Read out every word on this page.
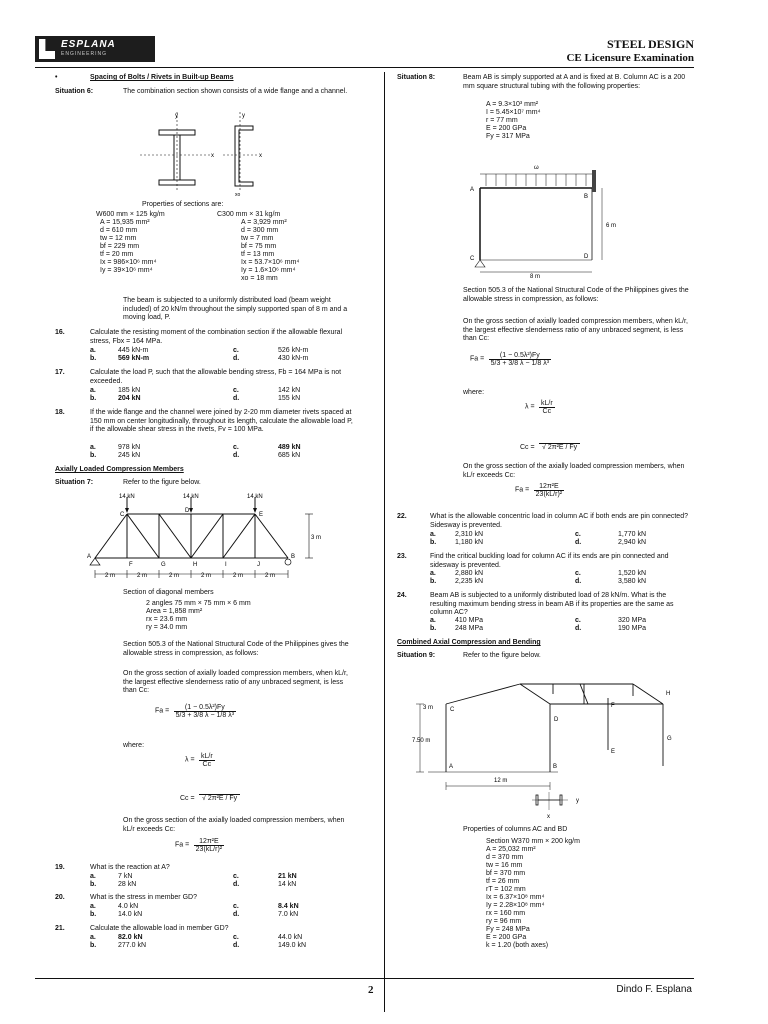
ESPLANA
ENGINEERING
STEEL DESIGN
CE Licensure Examination
•	Spacing of Bolts / Rivets in Built-up Beams
Situation 6:	The combination section shown consists of a wide flange and a channel.
y	y
x	x
xo
Properties of sections are:
W600 mm × 125 kg/m
A = 15,935 mm²
d = 610 mm
tw = 12 mm
bf = 229 mm
tf = 20 mm
Ix = 986×10⁶ mm⁴
Iy = 39×10⁶ mm⁴
C300 mm × 31 kg/m
A = 3,929 mm²
d = 300 mm
tw = 7 mm
bf = 75 mm
tf = 13 mm
Ix = 53.7×10⁶ mm⁴
Iy = 1.6×10⁶ mm⁴
xo = 18 mm
The beam is subjected to a uniformly distributed load (beam weight included) of 20 kN/m throughout the simply supported span of 8 m and a moving load, P.
16.	Calculate the resisting moment of the combination section if the allowable flexural stress, Fbx = 164 MPa.
a.	445 kN-m	c.	526 kN-m
b.	569 kN-m	d.	430 kN-m
17.	Calculate the load P, such that the allowable bending stress, Fb = 164 MPa is not exceeded.
a.	185 kN	c.	142 kN
b.	204 kN	d.	155 kN
18.	If the wide flange and the channel were joined by 2-20 mm diameter rivets spaced at 150 mm on center longitudinally, throughout its length, calculate the allowable load P, if the allowable shear stress in the rivets, Fv = 100 MPa.
a.	978 kN	c.	489 kN
b.	245 kN	d.	685 kN
Axially Loaded Compression Members
Situation 7:	Refer to the figure below.
14 kN	14 kN	14 kN
C
D
E
A
F	G	H	I	J
B
3 m
2 m	2 m	2 m	2 m	2 m	2 m
Section of diagonal members
2 angles 75 mm × 75 mm × 6 mm
Area = 1,858 mm²
rx = 23.6 mm
ry = 34.0 mm
Section 505.3 of the National Structural Code of the Philippines gives the allowable stress in compression, as follows:
On the gross section of axially loaded compression members, when kL/r, the largest effective slenderness ratio of any unbraced segment, is less than Cc:
$Fa = \frac{\text{(1 − 0.5λ²)Fy}}{\text{5/3 + 3/8 λ − 1/8 λ³}}$
where:
$\lambda = \frac{kL/r}{Cc}$
Cc = √ 2π²E / Fy
On the gross section of the axially loaded compression members, when kL/r exceeds Cc:
$Fa = \frac{\text{12π²E}}{\text{23(kL/r)²}}$
19.	What is the reaction at A?
a.	7 kN	c.	21 kN
b.	28 kN	d.	14 kN
20.	What is the stress in member GD?
a.	4.0 kN	c.	8.4 kN
b.	14.0 kN	d.	7.0 kN
21.	Calculate the allowable load in member GD?
a.	82.0 kN	c.	44.0 kN
b.	277.0 kN	d.	149.0 kN
Situation 8:	Beam AB is simply supported at A and is fixed at B. Column AC is a 200 mm square structural tubing with the following properties:
A = 9.3×10³ mm²
I = 5.45×10⁷ mm⁴
r = 77 mm
E = 200 GPa
Fy = 317 MPa
ω
A
B
C	D
6 m
8 m
Section 505.3 of the National Structural Code of the Philippines gives the allowable stress in compression, as follows:
On the gross section of axially loaded compression members, when kL/r, the largest effective slenderness ratio of any unbraced segment, is less than Cc:
$Fa = \frac{\text{(1 − 0.5λ²)Fy}}{\text{5/3 + 3/8 λ − 1/8 λ³}}$
where:
$\lambda = \frac{kL/r}{Cc}$
Cc = √ 2π²E / Fy
On the gross section of the axially loaded compression members, when kL/r exceeds Cc:
$Fa = \frac{\text{12π²E}}{\text{23(kL/r)²}}$
22.	What is the allowable concentric load in column AC if both ends are pin connected? Sidesway is prevented.
a.	2,310 kN	c.	1,770 kN
b.	1,180 kN	d.	2,940 kN
23.	Find the critical buckling load for column AC if its ends are pin connected and sidesway is prevented.
a.	2,880 kN	c.	1,520 kN
b.	2,235 kN	d.	3,580 kN
24.	Beam AB is subjected to a uniformly distributed load of 28 kN/m. What is the resulting maximum bending stress in beam AB if its properties are the same as column AC?
a.	410 MPa	c.	320 MPa
b.	248 MPa	d.	190 MPa
Combined Axial Compression and Bending
Situation 9:	Refer to the figure below.
C
D
F
H
G
E
A	B
3 m
7.50 m
12 m
x
y
Properties of columns AC and BD
Section W370 mm × 200 kg/m
A = 25,032 mm²
d = 370 mm
tw = 16 mm
bf = 370 mm
tf = 26 mm
rT = 102 mm
Ix = 6.37×10⁸ mm⁴
Iy = 2.28×10⁸ mm⁴
rx = 160 mm
ry = 96 mm
Fy = 248 MPa
E = 200 GPa
k = 1.20 (both axes)
2	Dindo F. Esplana
